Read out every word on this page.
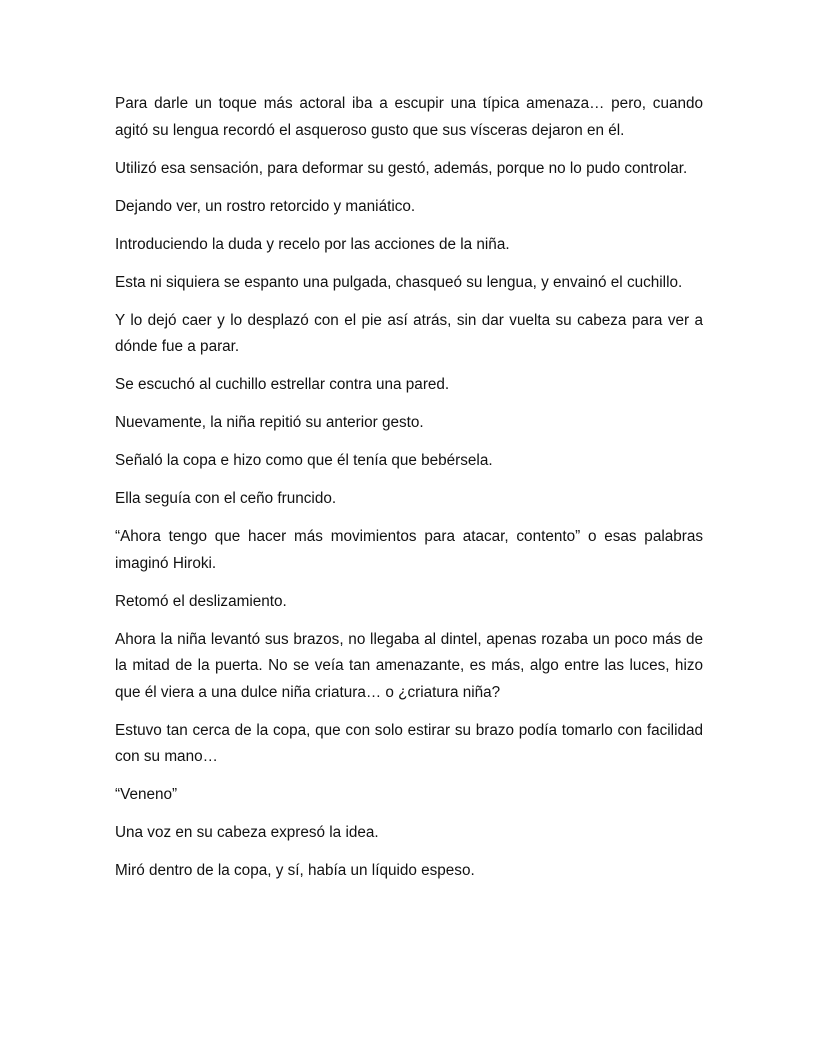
Para darle un toque más actoral iba a escupir una típica amenaza… pero, cuando agitó su lengua recordó el asqueroso gusto que sus vísceras dejaron en él.

Utilizó esa sensación, para deformar su gestó, además, porque no lo pudo controlar.

Dejando ver, un rostro retorcido y maniático.

Introduciendo la duda y recelo por las acciones de la niña.

Esta ni siquiera se espanto una pulgada, chasqueó su lengua, y envainó el cuchillo.

Y lo dejó caer y lo desplazó con el pie así atrás, sin dar vuelta su cabeza para ver a dónde fue a parar.

Se escuchó al cuchillo estrellar contra una pared.

Nuevamente, la niña repitió su anterior gesto.

Señaló la copa e hizo como que él tenía que bebérsela.

Ella seguía con el ceño fruncido.

“Ahora tengo que hacer más movimientos para atacar, contento” o esas palabras imaginó Hiroki.

Retomó el deslizamiento.

Ahora la niña levantó sus brazos, no llegaba al dintel, apenas rozaba un poco más de la mitad de la puerta. No se veía tan amenazante, es más, algo entre las luces, hizo que él viera a una dulce niña criatura… o ¿criatura niña?

Estuvo tan cerca de la copa, que con solo estirar su brazo podía tomarlo con facilidad con su mano…

“Veneno”

Una voz en su cabeza expresó la idea.

Miró dentro de la copa, y sí, había un líquido espeso.
